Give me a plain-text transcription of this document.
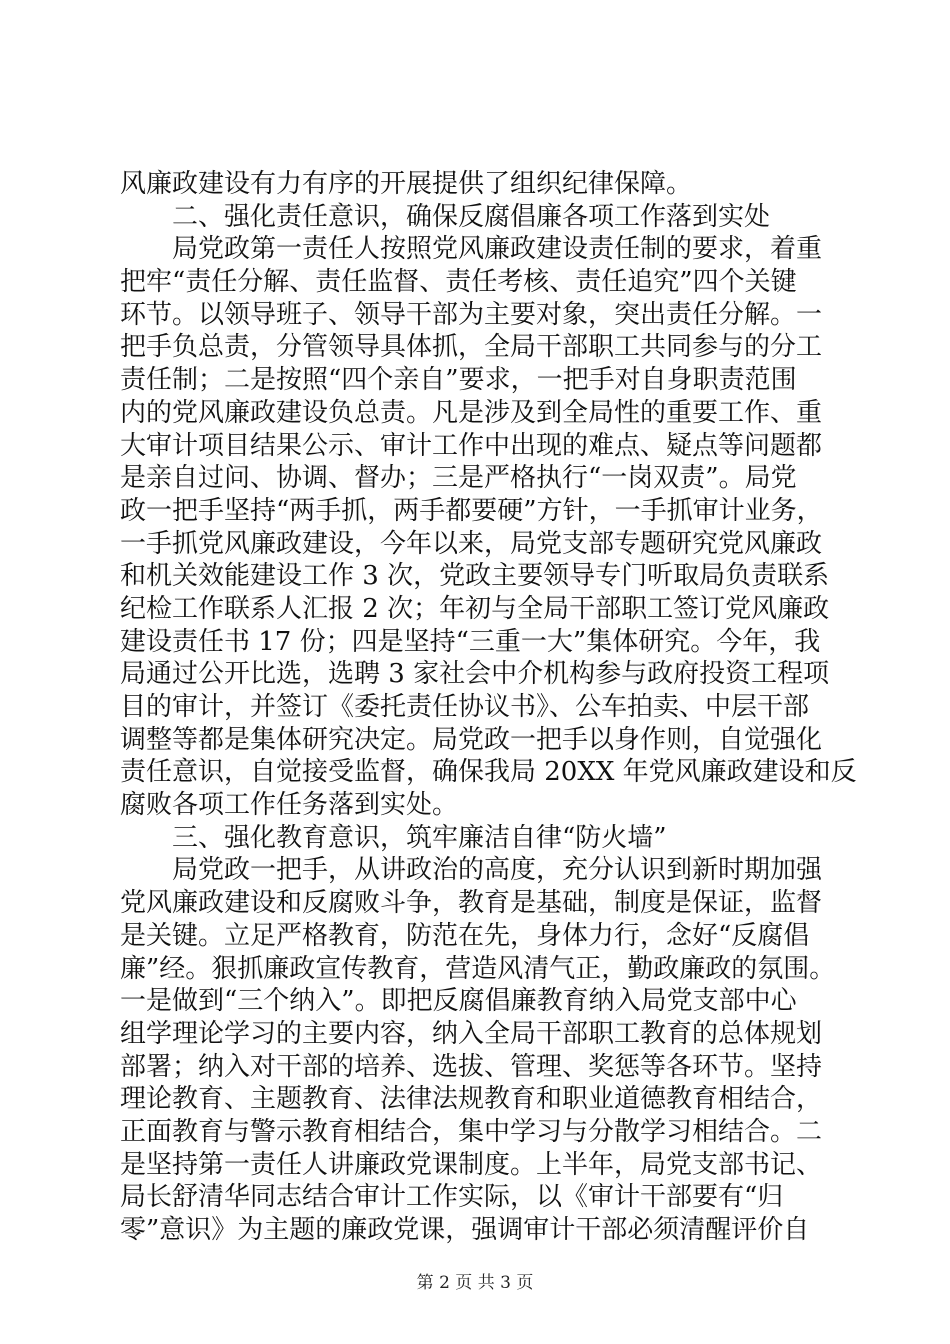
风廉政建设有力有序的开展提供了组织纪律保障。
　　二、强化责任意识，确保反腐倡廉各项工作落到实处
　　局党政第一责任人按照党风廉政建设责任制的要求，着重
把牢“责任分解、责任监督、责任考核、责任追究”四个关键
环节。以领导班子、领导干部为主要对象，突出责任分解。一
把手负总责，分管领导具体抓，全局干部职工共同参与的分工
责任制；二是按照“四个亲自”要求，一把手对自身职责范围
内的党风廉政建设负总责。凡是涉及到全局性的重要工作、重
大审计项目结果公示、审计工作中出现的难点、疑点等问题都
是亲自过问、协调、督办；三是严格执行“一岗双责”。局党
政一把手坚持“两手抓，两手都要硬”方针，一手抓审计业务，
一手抓党风廉政建设，今年以来，局党支部专题研究党风廉政
和机关效能建设工作 3 次，党政主要领导专门听取局负责联系
纪检工作联系人汇报 2 次；年初与全局干部职工签订党风廉政
建设责任书 17 份；四是坚持“三重一大”集体研究。今年，我
局通过公开比选，选聘 3 家社会中介机构参与政府投资工程项
目的审计，并签订《委托责任协议书》、公车拍卖、中层干部
调整等都是集体研究决定。局党政一把手以身作则，自觉强化
责任意识，自觉接受监督，确保我局 20XX 年党风廉政建设和反
腐败各项工作任务落到实处。
　　三、强化教育意识，筑牢廉洁自律“防火墙”
　　局党政一把手，从讲政治的高度，充分认识到新时期加强
党风廉政建设和反腐败斗争，教育是基础，制度是保证，监督
是关键。立足严格教育，防范在先，身体力行，念好“反腐倡
廉”经。狠抓廉政宣传教育，营造风清气正，勤政廉政的氛围。
一是做到“三个纳入”。即把反腐倡廉教育纳入局党支部中心
组学理论学习的主要内容，纳入全局干部职工教育的总体规划
部署；纳入对干部的培养、选拔、管理、奖惩等各环节。坚持
理论教育、主题教育、法律法规教育和职业道德教育相结合，
正面教育与警示教育相结合，集中学习与分散学习相结合。二
是坚持第一责任人讲廉政党课制度。上半年，局党支部书记、
局长舒清华同志结合审计工作实际，以《审计干部要有“归
零”意识》为主题的廉政党课，强调审计干部必须清醒评价自
第 2 页 共 3 页
